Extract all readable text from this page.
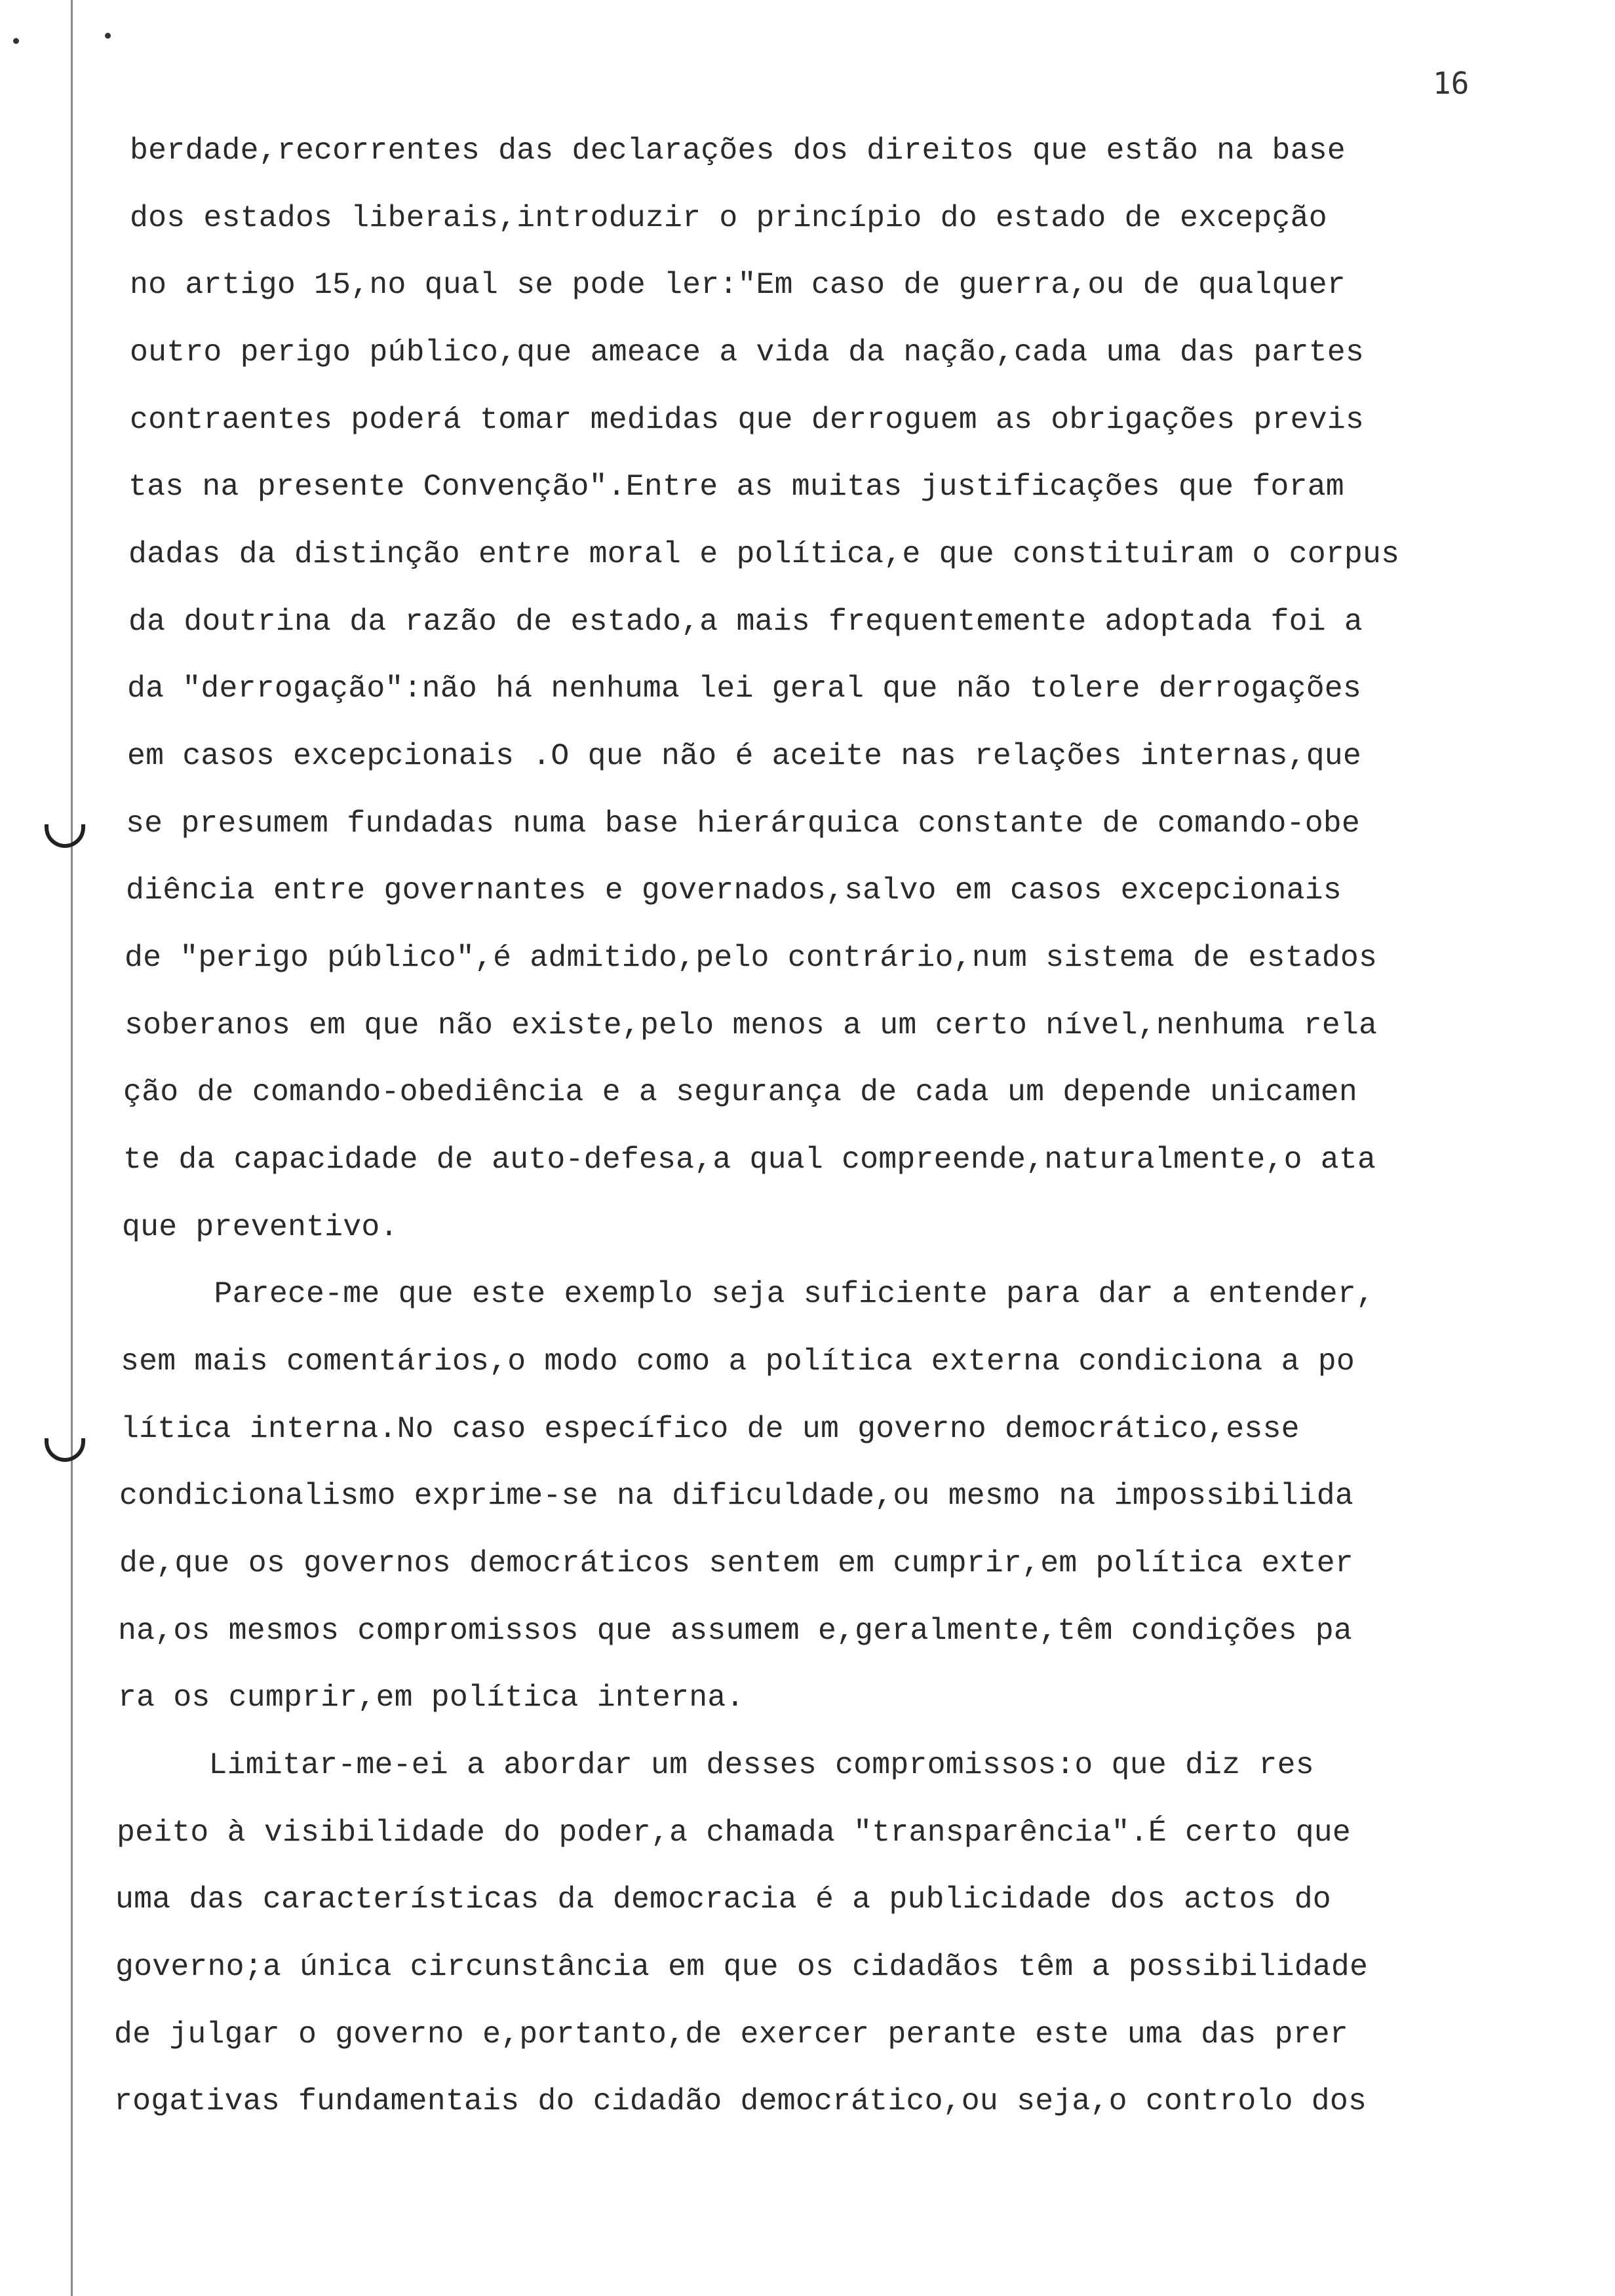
16
berdade,recorrentes das declarações dos direitos que estão na base
dos estados liberais,introduzir o princípio do estado de excepção
no artigo 15,no qual se pode ler:"Em caso de guerra,ou de qualquer
outro perigo público,que ameace a vida da nação,cada uma das partes
contraentes poderá tomar medidas que derroguem as obrigações previs
tas na presente Convenção".Entre as muitas justificações que foram
dadas da distinção entre moral e política,e que constituiram o corpus
da doutrina da razão de estado,a mais frequentemente adoptada foi a
da "derrogação":não há nenhuma lei geral que não tolere derrogações
em casos excepcionais .O que não é aceite nas relações internas,que
se presumem fundadas numa base hierárquica constante de comando-obe
diência entre governantes e governados,salvo em casos excepcionais
de "perigo público",é admitido,pelo contrário,num sistema de estados
soberanos em que não existe,pelo menos a um certo nível,nenhuma rela
ção de comando-obediência e a segurança de cada um depende unicamen
te da capacidade de auto-defesa,a qual compreende,naturalmente,o ata
que preventivo.
Parece-me que este exemplo seja suficiente para dar a entender,
sem mais comentários,o modo como a política externa condiciona a po
lítica interna.No caso específico de um governo democrático,esse
condicionalismo exprime-se na dificuldade,ou mesmo na impossibilida
de,que os governos democráticos sentem em cumprir,em política exter
na,os mesmos compromissos que assumem e,geralmente,têm condições pa
ra os cumprir,em política interna.
Limitar-me-ei a abordar um desses compromissos:o que diz res
peito à visibilidade do poder,a chamada "transparência".É certo que
uma das características da democracia é a publicidade dos actos do
governo;a única circunstância em que os cidadãos têm a possibilidade
de julgar o governo e,portanto,de exercer perante este uma das prer
rogativas fundamentais do cidadão democrático,ou seja,o controlo dos
